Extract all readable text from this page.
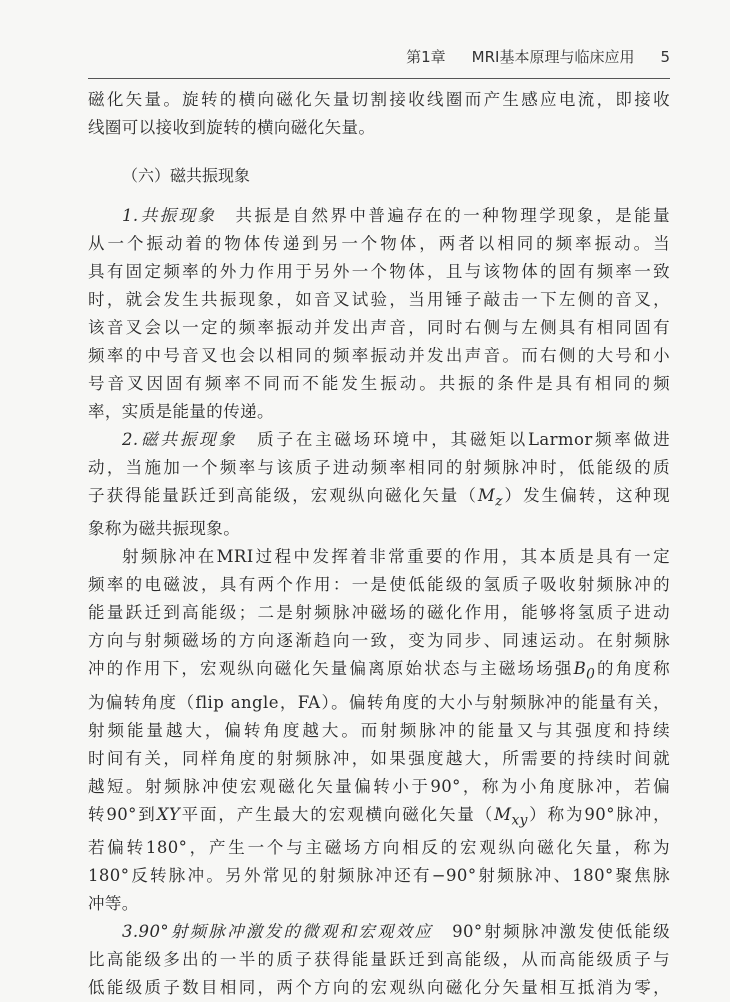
第1章 MRI基本原理与临床应用 5

磁化矢量。旋转的横向磁化矢量切割接收线圈而产生感应电流，即接收
线圈可以接收到旋转的横向磁化矢量。

（六）磁共振现象

1.共振现象　 共振是自然界中普遍存在的一种物理学现象，是能量
从一个振动着的物体传递到另一个物体，两者以相同的频率振动。当
具有固定频率的外力作用于另外一个物体，且与该物体的固有频率一致
时，就会发生共振现象，如音叉试验，当用锤子敲击一下左侧的音叉，
该音叉会以一定的频率振动并发出声音，同时右侧与左侧具有相同固有
频率的中号音叉也会以相同的频率振动并发出声音。而右侧的大号和小
号音叉因固有频率不同而不能发生振动。共振的条件是具有相同的频
率，实质是能量的传递。

2.磁共振现象　 质子在主磁场环境中，其磁矩以Larmor频率做进
动，当施加一个频率与该质子进动频率相同的射频脉冲时，低能级的质
子获得能量跃迁到高能级，宏观纵向磁化矢量$(M_z)$发生偏转，这种现
象称为磁共振现象。

射频脉冲在MRI过程中发挥着非常重要的作用，其本质是具有一定
频率的电磁波，具有两个作用：一是使低能级的氢质子吸收射频脉冲的
能量跃迁到高能级；二是射频脉冲磁场的磁化作用，能够将氢质子进动
方向与射频磁场的方向逐渐趋向一致，变为同步、同速运动。在射频脉
冲的作用下，宏观纵向磁化矢量偏离原始状态与主磁场场强$B_0$的角度称
为偏转角度（flip angle，FA）。偏转角度的大小与射频脉冲的能量有关，
射频能量越大，偏转角度越大。而射频脉冲的能量又与其强度和持续
时间有关，同样角度的射频脉冲，如果强度越大，所需要的持续时间就
越短。射频脉冲使宏观磁化矢量偏转小于90°，称为小角度脉冲，若偏
转90°到XY平面，产生最大的宏观横向磁化矢量$(M_{xy})$称为90°脉冲，
若偏转180°，产生一个与主磁场方向相反的宏观纵向磁化矢量，称为
180°反转脉冲。另外常见的射频脉冲还有−90°射频脉冲、180°聚焦脉
冲等。

3.90°射频脉冲激发的微观和宏观效应　 90°射频脉冲激发使低能级
比高能级多出的一半的质子获得能量跃迁到高能级，从而高能级质子与
低能级质子数目相同，两个方向的宏观纵向磁化分矢量相互抵消为零，
